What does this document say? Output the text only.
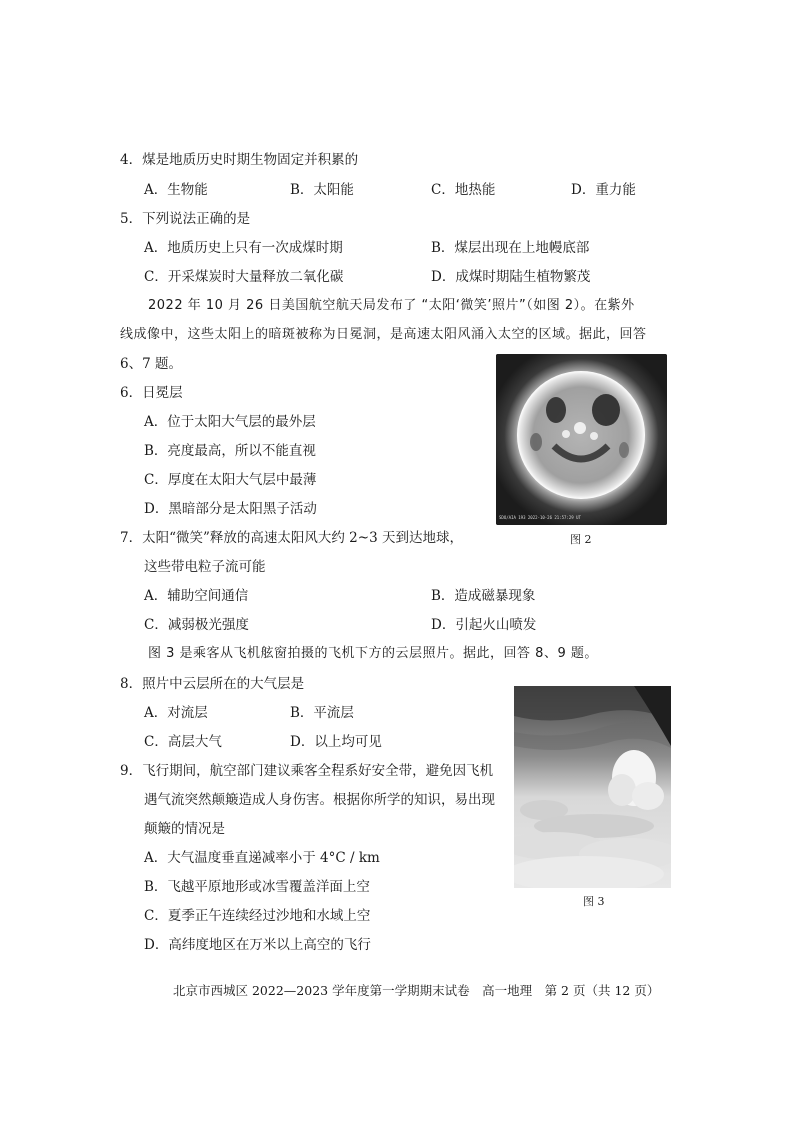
4．煤是地质历史时期生物固定并积累的
A．生物能	B．太阳能	C．地热能	D．重力能
5．下列说法正确的是
A．地质历史上只有一次成煤时期	B．煤层出现在上地幔底部
C．开采煤炭时大量释放二氧化碳	D．成煤时期陆生植物繁茂
2022 年 10 月 26 日美国航空航天局发布了 “太阳‘微笑’照片”（如图 2）。在紫外
线成像中，这些太阳上的暗斑被称为日冕洞，是高速太阳风涌入太空的区域。据此，回答
6、7 题。
SDO/AIA 193 2022-10-26 21:57:29 UT
图 2
6．日冕层
A．位于太阳大气层的最外层
B．亮度最高，所以不能直视
C．厚度在太阳大气层中最薄
D．黑暗部分是太阳黑子活动
7．太阳“微笑”释放的高速太阳风大约 2~3 天到达地球，
这些带电粒子流可能
A．辅助空间通信	B．造成磁暴现象
C．减弱极光强度	D．引起火山喷发
图 3 是乘客从飞机舷窗拍摄的飞机下方的云层照片。据此，回答 8、9 题。
8．照片中云层所在的大气层是
A．对流层	B．平流层
C．高层大气	D．以上均可见
图 3
9．飞行期间，航空部门建议乘客全程系好安全带，避免因飞机
遇气流突然颠簸造成人身伤害。根据你所学的知识，易出现
颠簸的情况是
A．大气温度垂直递减率小于 4°C / km
B．飞越平原地形或冰雪覆盖洋面上空
C．夏季正午连续经过沙地和水域上空
D．高纬度地区在万米以上高空的飞行
北京市西城区 2022—2023 学年度第一学期期末试卷　高一地理　第 2 页（共 12 页）
